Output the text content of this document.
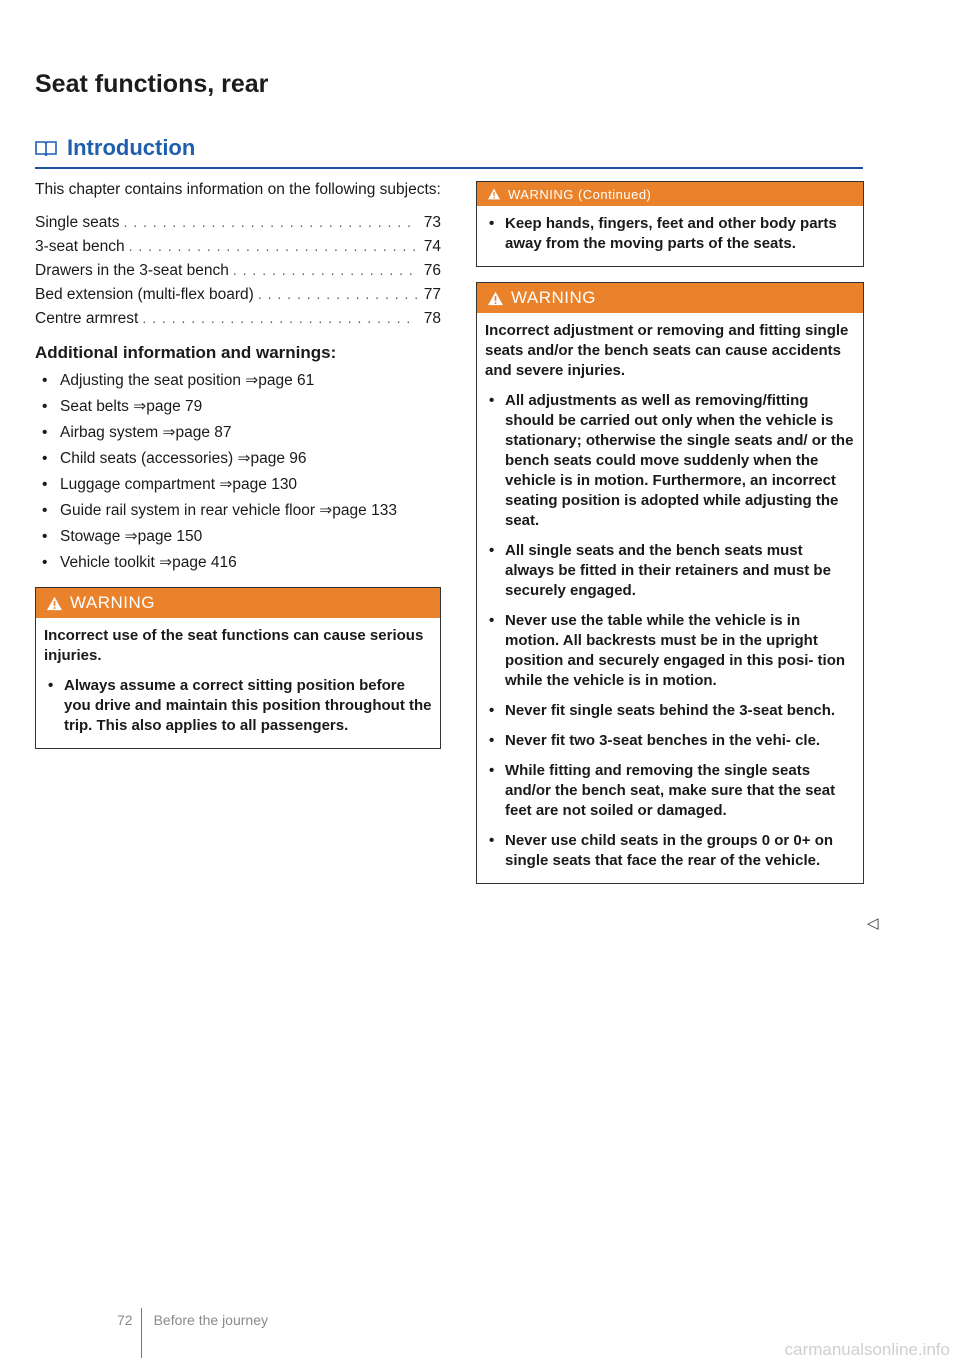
Seat functions, rear
Introduction

This chapter contains information on the following subjects:

Single seats . . .	73
3-seat bench . . .	74
Drawers in the 3-seat bench . . .	76
Bed extension (multi-flex board) . . .	77
Centre armrest . . .	78
Additional information and warnings:
• Adjusting the seat position ⇒page 61
• Seat belts ⇒page 79
• Airbag system ⇒page 87
• Child seats (accessories) ⇒page 96
• Luggage compartment ⇒page 130
• Guide rail system in rear vehicle floor ⇒page 133
• Stowage ⇒page 150
• Vehicle toolkit ⇒page 416
WARNING

Incorrect use of the seat functions can cause serious injuries.

• Always assume a correct sitting position before you drive and maintain this position throughout the trip. This also applies to all passengers.

WARNING (Continued)

• Keep hands, fingers, feet and other body parts away from the moving parts of the seats.

WARNING

Incorrect adjustment or removing and fitting single seats and/or the bench seats can cause accidents and severe injuries.

• All adjustments as well as removing/fitting should be carried out only when the vehicle is stationary; otherwise the single seats and/ or the bench seats could move suddenly when the vehicle is in motion. Furthermore, an incorrect seating position is adopted while adjusting the seat.

• All single seats and the bench seats must always be fitted in their retainers and must be securely engaged.

• Never use the table while the vehicle is in motion. All backrests must be in the upright position and securely engaged in this posi- tion while the vehicle is in motion.

• Never fit single seats behind the 3-seat bench.

• Never fit two 3-seat benches in the vehi- cle.

• While fitting and removing the single seats and/or the bench seat, make sure that the seat feet are not soiled or damaged.

• Never use child seats in the groups 0 or 0+ on single seats that face the rear of the vehicle.

◁
72 Before the journey
carmanualsonline.info
